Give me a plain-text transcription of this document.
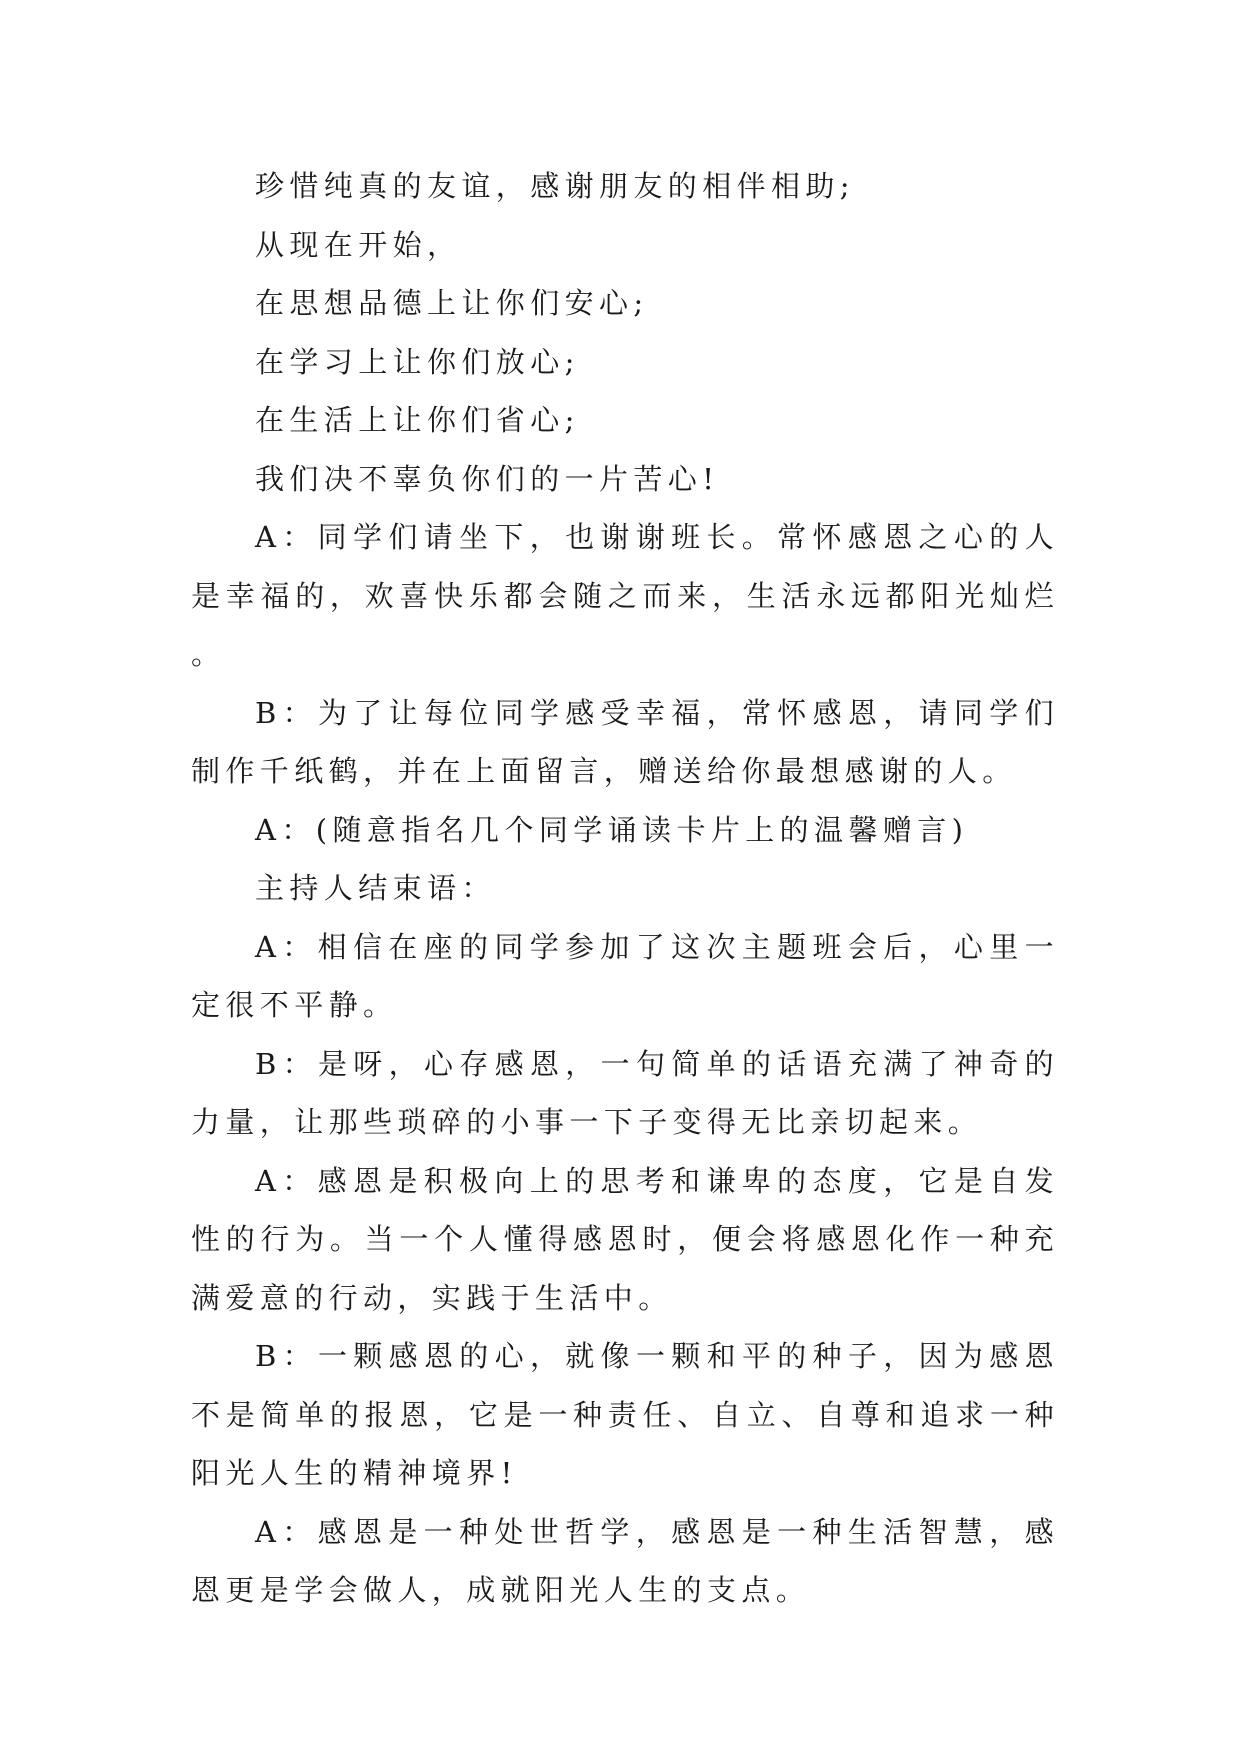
珍惜纯真的友谊，感谢朋友的相伴相助;

从现在开始，

在思想品德上让你们安心;

在学习上让你们放心;

在生活上让你们省心;

我们决不辜负你们的一片苦心!

A：同学们请坐下，也谢谢班长。常怀感恩之心的人是幸福的，欢喜快乐都会随之而来，生活永远都阳光灿烂。

B：为了让每位同学感受幸福，常怀感恩，请同学们制作千纸鹤，并在上面留言，赠送给你最想感谢的人。

A：(随意指名几个同学诵读卡片上的温馨赠言)

主持人结束语：

A：相信在座的同学参加了这次主题班会后，心里一定很不平静。

B：是呀，心存感恩，一句简单的话语充满了神奇的力量，让那些琐碎的小事一下子变得无比亲切起来。

A：感恩是积极向上的思考和谦卑的态度，它是自发性的行为。当一个人懂得感恩时，便会将感恩化作一种充满爱意的行动，实践于生活中。

B：一颗感恩的心，就像一颗和平的种子，因为感恩不是简单的报恩，它是一种责任、自立、自尊和追求一种阳光人生的精神境界!

A：感恩是一种处世哲学，感恩是一种生活智慧，感恩更是学会做人，成就阳光人生的支点。
